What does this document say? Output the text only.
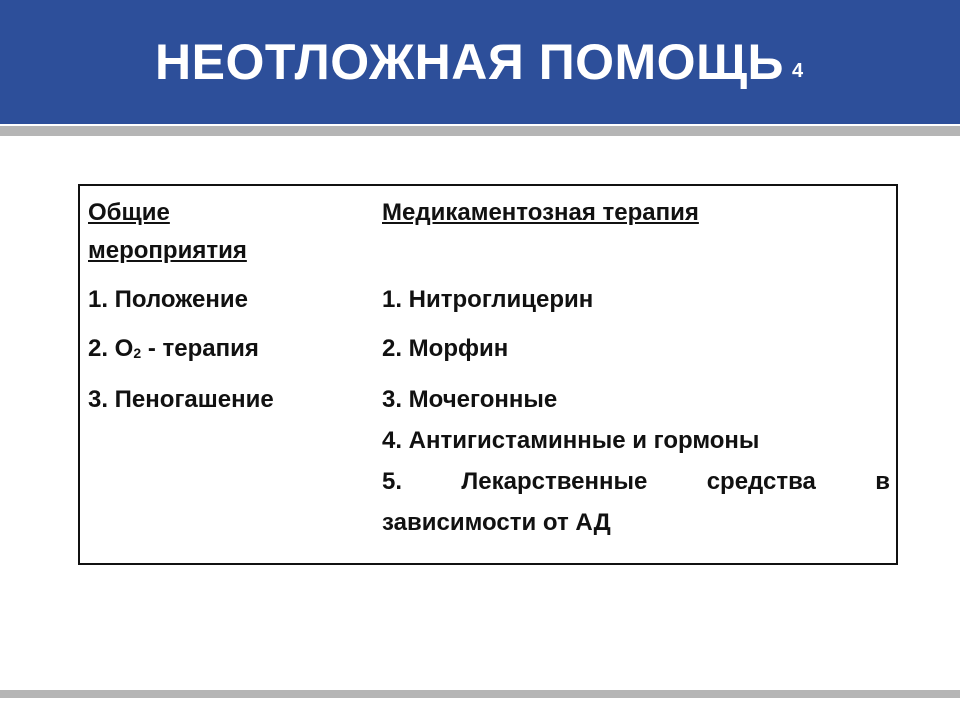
НЕОТЛОЖНАЯ ПОМОЩЬ 4
Общие
мероприятия
1. Положение
2. О2 - терапия
3. Пеногашение
Медикаментозная терапия
1. Нитроглицерин
2. Морфин
3. Мочегонные
4. Антигистаминные и гормоны
5. Лекарственные средства в
зависимости от АД
